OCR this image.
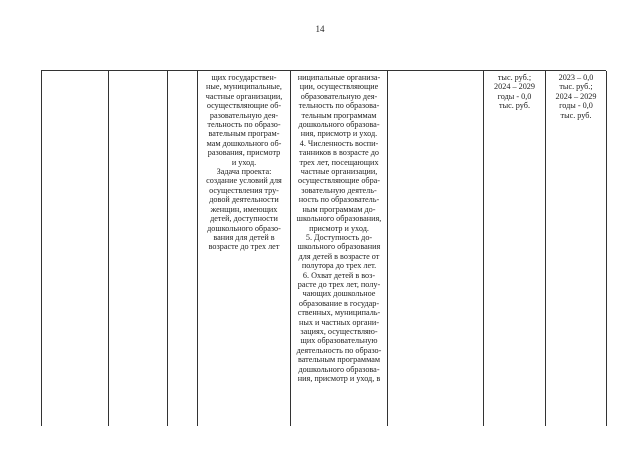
14
щих государствен-
ные, муниципальные,
частные организации,
осуществляющие об-
разовательную дея-
тельность по образо-
вательным програм-
мам дошкольного об-
разования, присмотр
и уход.
Задача проекта:
создание условий для
осуществления тру-
довой деятельности
женщин, имеющих
детей, доступности
дошкольного образо-
вания для детей в
возрасте до трех лет
ниципальные организа-
ции, осуществляющие
образовательную дея-
тельность по образова-
тельным программам
дошкольного образова-
ния, присмотр и уход.
4. Численность воспи-
танников в возрасте до
трех лет, посещающих
частные организации,
осуществляющие обра-
зовательную деятель-
ность по образователь-
ным программам до-
школьного образования,
присмотр и уход.
5. Доступность до-
школьного образования
для детей в возрасте от
полутора до трех лет.
6. Охват детей в воз-
расте до трех лет, полу-
чающих дошкольное
образование в государ-
ственных, муниципаль-
ных и частных органи-
зациях, осуществляю-
щих образовательную
деятельность по образо-
вательным программам
дошкольного образова-
ния, присмотр и уход, в
тыс. руб.;
2024 – 2029
годы - 0,0
тыс. руб.
2023 – 0,0
тыс. руб.;
2024 – 2029
годы - 0,0
тыс. руб.
